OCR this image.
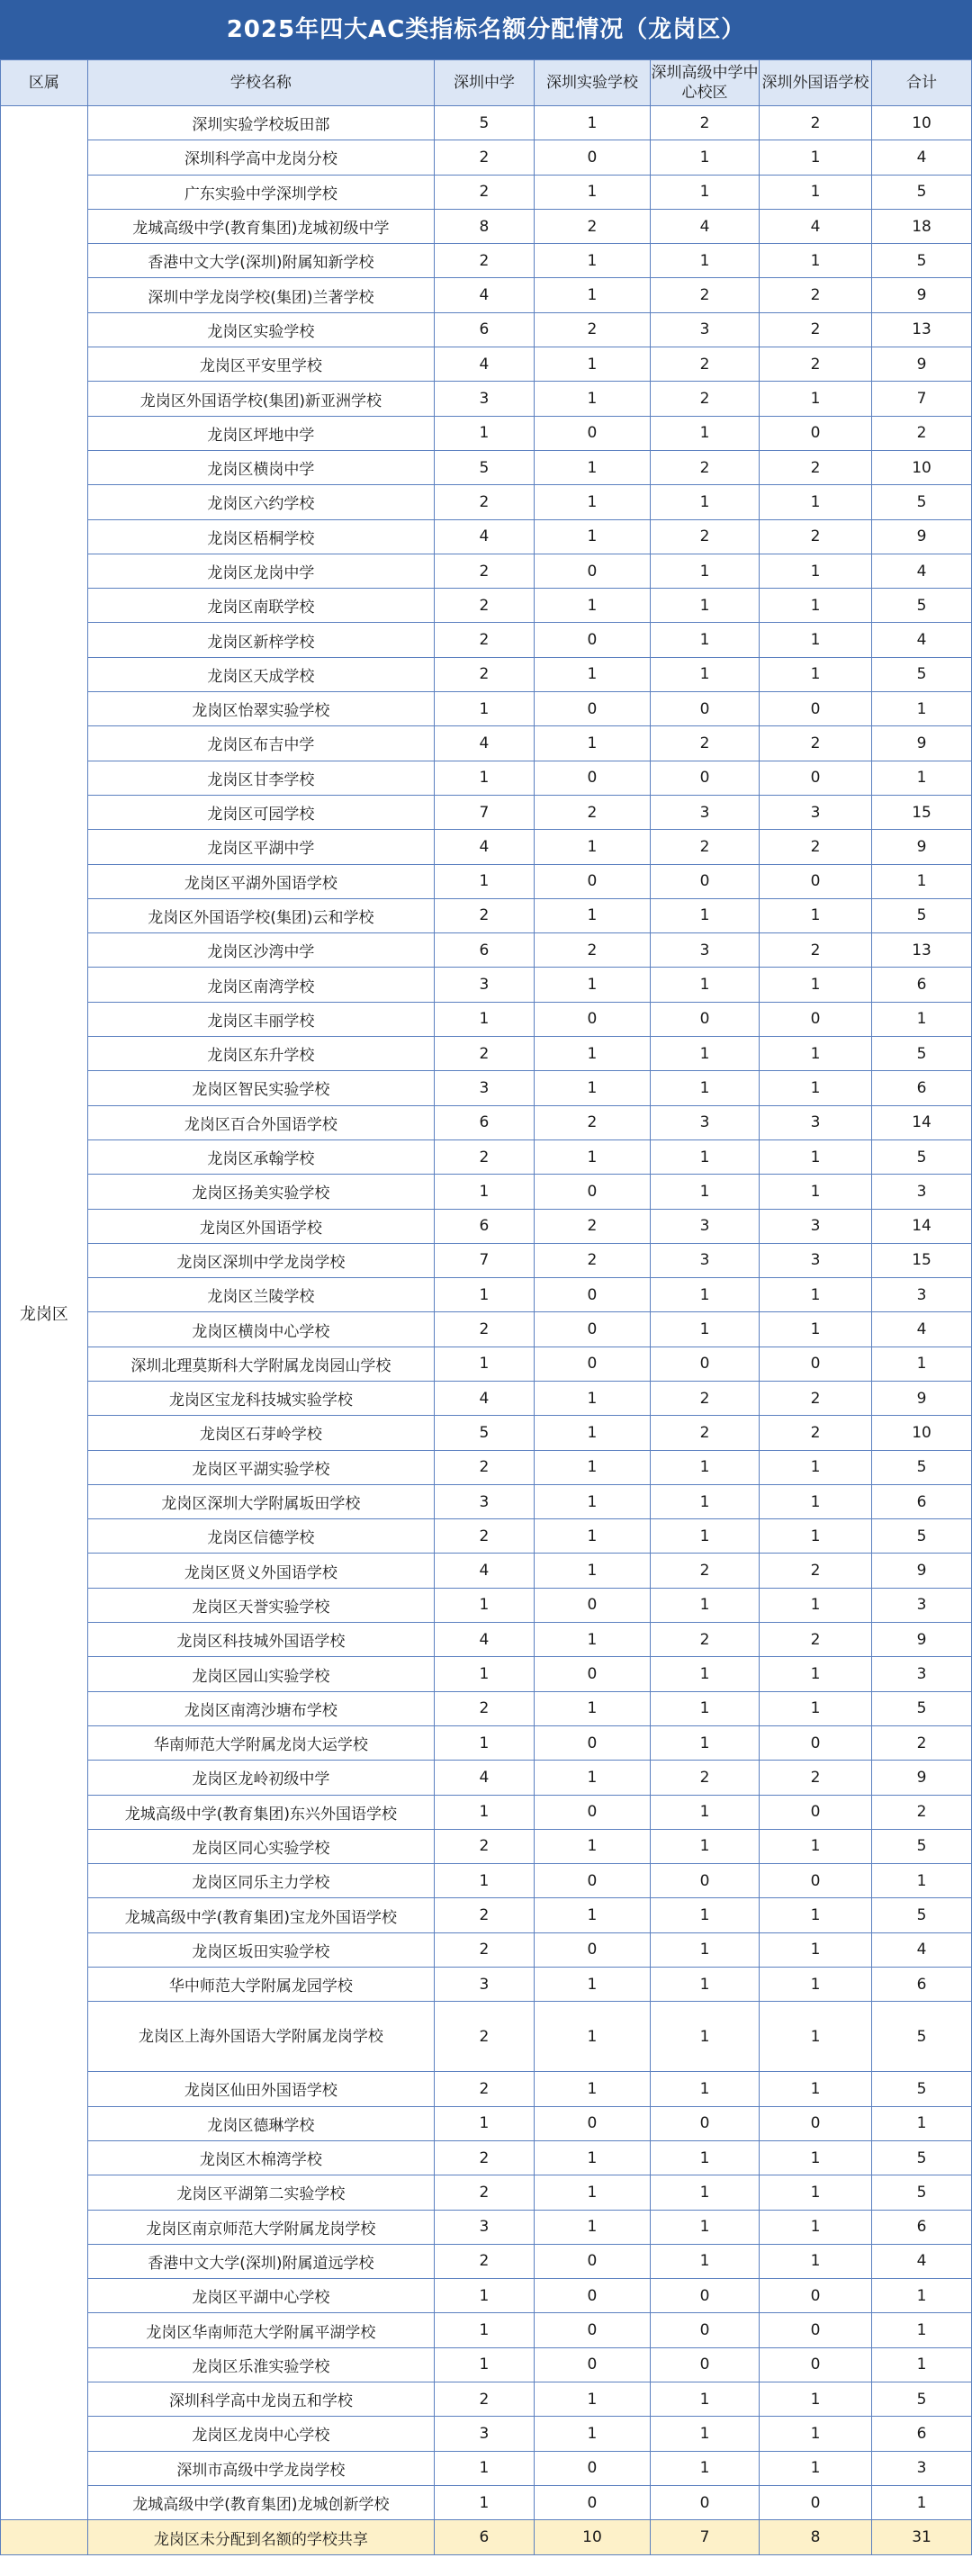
2025年四大AC类指标名额分配情况（龙岗区）
区属	学校名称	深圳中学	深圳实验学校	深圳高级中学中心校区	深圳外国语学校	合计
龙岗区	深圳实验学校坂田部	5	1	2	2	10
	深圳科学高中龙岗分校	2	0	1	1	4
	广东实验中学深圳学校	2	1	1	1	5
	龙城高级中学(教育集团)龙城初级中学	8	2	4	4	18
	香港中文大学(深圳)附属知新学校	2	1	1	1	5
	深圳中学龙岗学校(集团)兰著学校	4	1	2	2	9
	龙岗区实验学校	6	2	3	2	13
	龙岗区平安里学校	4	1	2	2	9
	龙岗区外国语学校(集团)新亚洲学校	3	1	2	1	7
	龙岗区坪地中学	1	0	1	0	2
	龙岗区横岗中学	5	1	2	2	10
	龙岗区六约学校	2	1	1	1	5
	龙岗区梧桐学校	4	1	2	2	9
	龙岗区龙岗中学	2	0	1	1	4
	龙岗区南联学校	2	1	1	1	5
	龙岗区新梓学校	2	0	1	1	4
	龙岗区天成学校	2	1	1	1	5
	龙岗区怡翠实验学校	1	0	0	0	1
	龙岗区布吉中学	4	1	2	2	9
	龙岗区甘李学校	1	0	0	0	1
	龙岗区可园学校	7	2	3	3	15
	龙岗区平湖中学	4	1	2	2	9
	龙岗区平湖外国语学校	1	0	0	0	1
	龙岗区外国语学校(集团)云和学校	2	1	1	1	5
	龙岗区沙湾中学	6	2	3	2	13
	龙岗区南湾学校	3	1	1	1	6
	龙岗区丰丽学校	1	0	0	0	1
	龙岗区东升学校	2	1	1	1	5
	龙岗区智民实验学校	3	1	1	1	6
	龙岗区百合外国语学校	6	2	3	3	14
	龙岗区承翰学校	2	1	1	1	5
	龙岗区扬美实验学校	1	0	1	1	3
	龙岗区外国语学校	6	2	3	3	14
	龙岗区深圳中学龙岗学校	7	2	3	3	15
	龙岗区兰陵学校	1	0	1	1	3
	龙岗区横岗中心学校	2	0	1	1	4
	深圳北理莫斯科大学附属龙岗园山学校	1	0	0	0	1
	龙岗区宝龙科技城实验学校	4	1	2	2	9
	龙岗区石芽岭学校	5	1	2	2	10
	龙岗区平湖实验学校	2	1	1	1	5
	龙岗区深圳大学附属坂田学校	3	1	1	1	6
	龙岗区信德学校	2	1	1	1	5
	龙岗区贤义外国语学校	4	1	2	2	9
	龙岗区天誉实验学校	1	0	1	1	3
	龙岗区科技城外国语学校	4	1	2	2	9
	龙岗区园山实验学校	1	0	1	1	3
	龙岗区南湾沙塘布学校	2	1	1	1	5
	华南师范大学附属龙岗大运学校	1	0	1	0	2
	龙岗区龙岭初级中学	4	1	2	2	9
	龙城高级中学(教育集团)东兴外国语学校	1	0	1	0	2
	龙岗区同心实验学校	2	1	1	1	5
	龙岗区同乐主力学校	1	0	0	0	1
	龙城高级中学(教育集团)宝龙外国语学校	2	1	1	1	5
	龙岗区坂田实验学校	2	0	1	1	4
	华中师范大学附属龙园学校	3	1	1	1	6
	龙岗区上海外国语大学附属龙岗学校	2	1	1	1	5
	龙岗区仙田外国语学校	2	1	1	1	5
	龙岗区德琳学校	1	0	0	0	1
	龙岗区木棉湾学校	2	1	1	1	5
	龙岗区平湖第二实验学校	2	1	1	1	5
	龙岗区南京师范大学附属龙岗学校	3	1	1	1	6
	香港中文大学(深圳)附属道远学校	2	0	1	1	4
	龙岗区平湖中心学校	1	0	0	0	1
	龙岗区华南师范大学附属平湖学校	1	0	0	0	1
	龙岗区乐淮实验学校	1	0	0	0	1
	深圳科学高中龙岗五和学校	2	1	1	1	5
	龙岗区龙岗中心学校	3	1	1	1	6
	深圳市高级中学龙岗学校	1	0	1	1	3
	龙城高级中学(教育集团)龙城创新学校	1	0	0	0	1
	龙岗区未分配到名额的学校共享	6	10	7	8	31
